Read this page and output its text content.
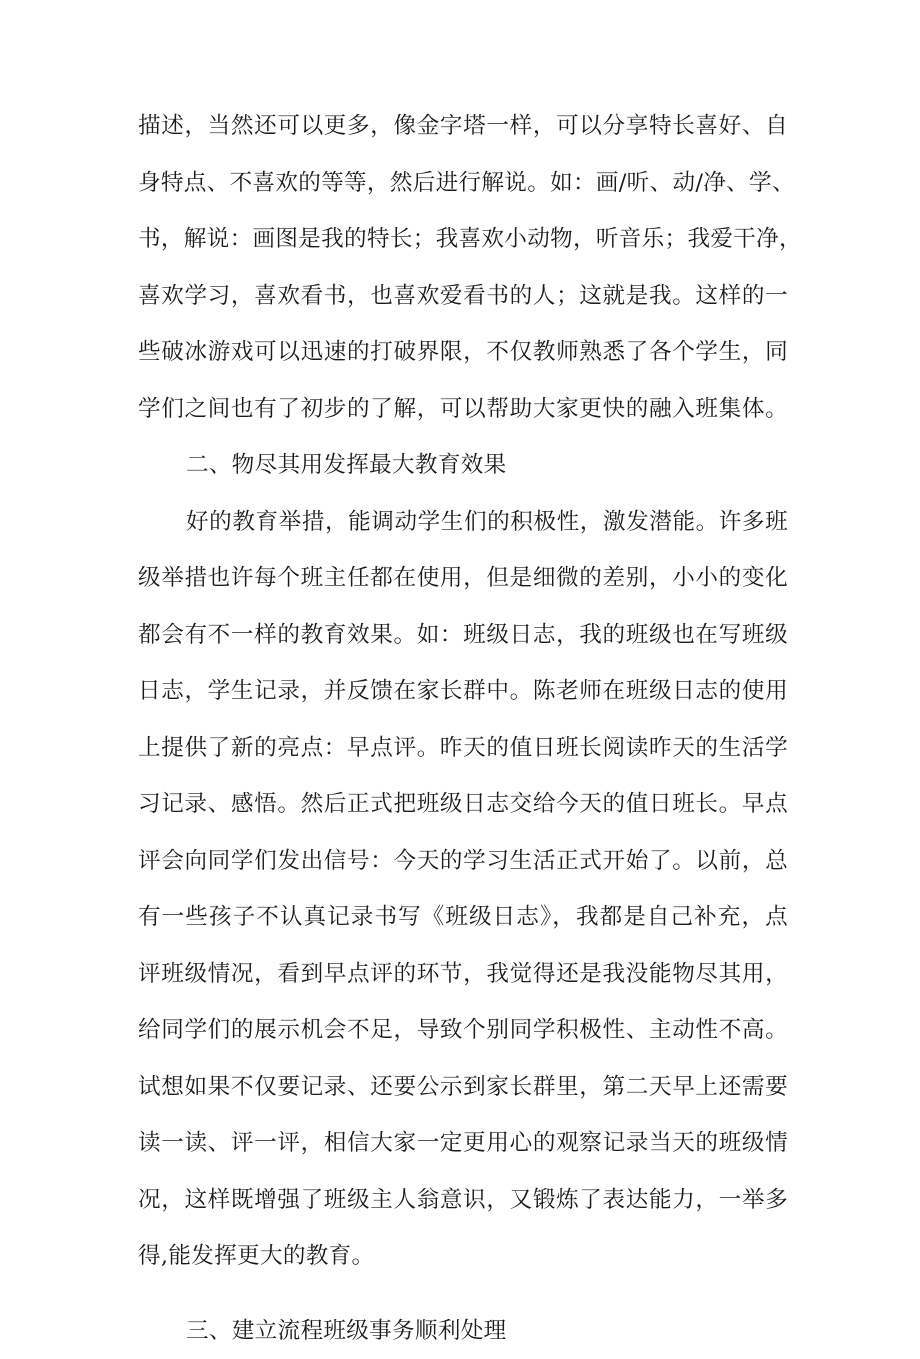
描述，当然还可以更多，像金字塔一样，可以分享特长喜好、自
身特点、不喜欢的等等，然后进行解说。如：画/听、动/净、学、
书，解说：画图是我的特长；我喜欢小动物，听音乐；我爱干净，
喜欢学习，喜欢看书，也喜欢爱看书的人；这就是我。这样的一
些破冰游戏可以迅速的打破界限，不仅教师熟悉了各个学生，同
学们之间也有了初步的了解，可以帮助大家更快的融入班集体。
二、物尽其用发挥最大教育效果
好的教育举措，能调动学生们的积极性，激发潜能。许多班
级举措也许每个班主任都在使用，但是细微的差别，小小的变化
都会有不一样的教育效果。如：班级日志，我的班级也在写班级
日志，学生记录，并反馈在家长群中。陈老师在班级日志的使用
上提供了新的亮点：早点评。昨天的值日班长阅读昨天的生活学
习记录、感悟。然后正式把班级日志交给今天的值日班长。早点
评会向同学们发出信号：今天的学习生活正式开始了。以前，总
有一些孩子不认真记录书写《班级日志》，我都是自己补充，点
评班级情况，看到早点评的环节，我觉得还是我没能物尽其用，
给同学们的展示机会不足，导致个别同学积极性、主动性不高。
试想如果不仅要记录、还要公示到家长群里，第二天早上还需要
读一读、评一评，相信大家一定更用心的观察记录当天的班级情
况，这样既增强了班级主人翁意识，又锻炼了表达能力，一举多
得,能发挥更大的教育。
三、建立流程班级事务顺利处理
